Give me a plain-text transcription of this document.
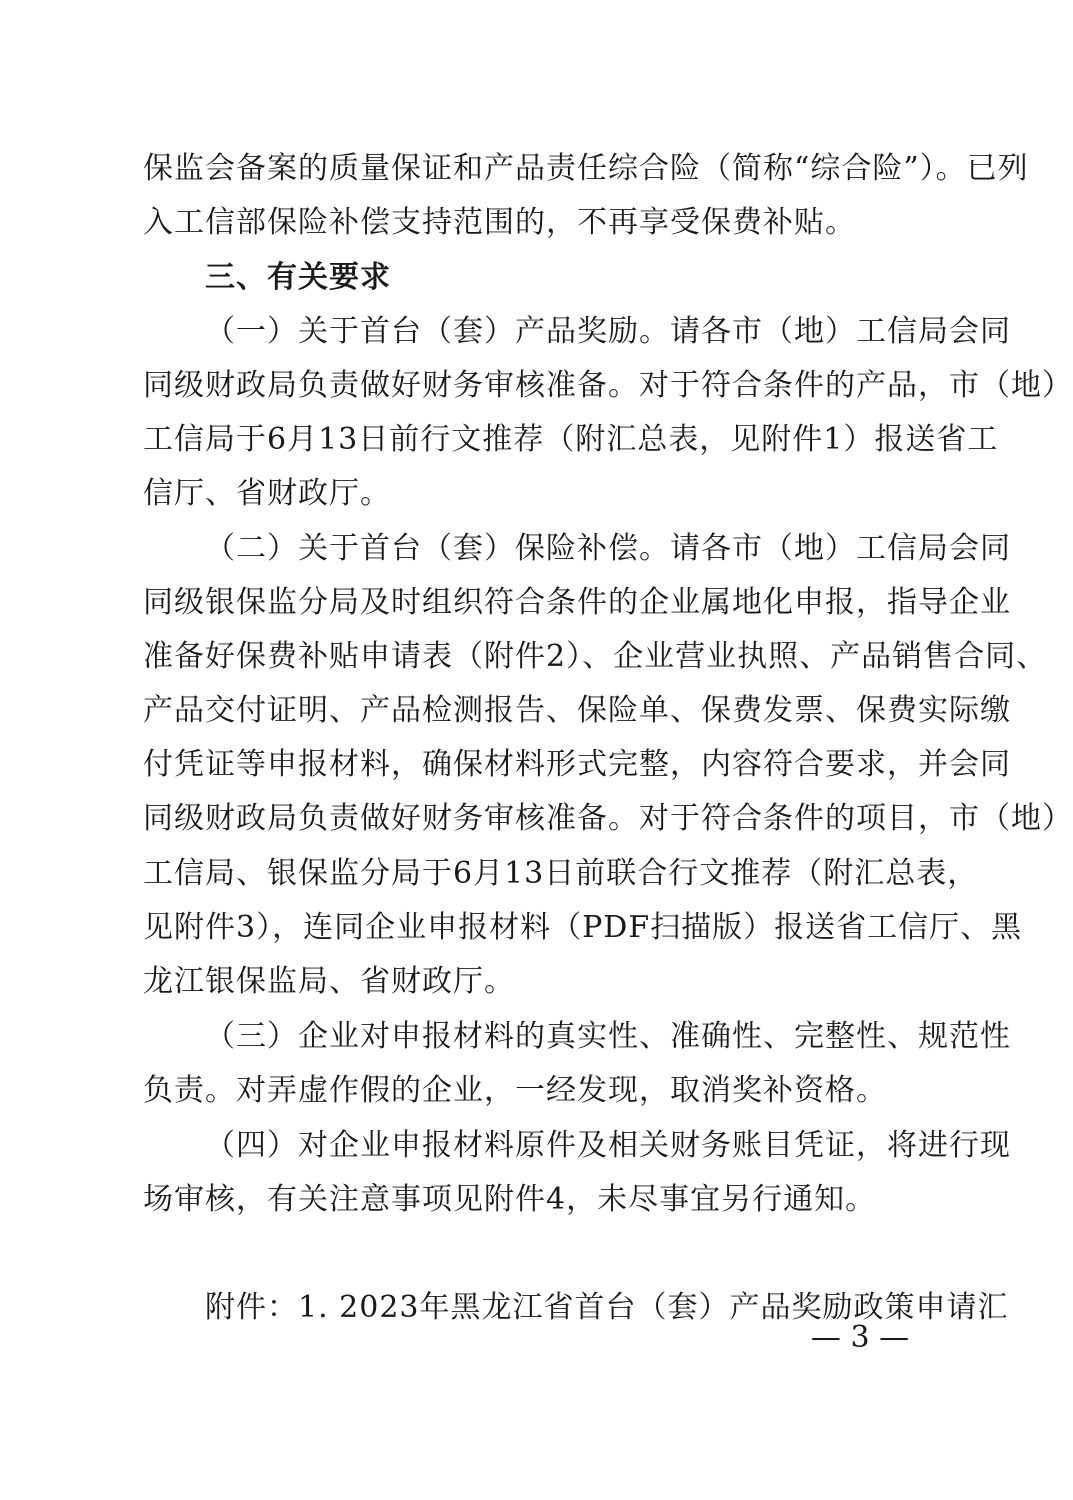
保监会备案的质量保证和产品责任综合险（简称“综合险”）。已列
入工信部保险补偿支持范围的，不再享受保费补贴。
三、有关要求
（一）关于首台（套）产品奖励。请各市（地）工信局会同
同级财政局负责做好财务审核准备。对于符合条件的产品，市（地）
工信局于6月13日前行文推荐（附汇总表，见附件1）报送省工
信厅、省财政厅。
（二）关于首台（套）保险补偿。请各市（地）工信局会同
同级银保监分局及时组织符合条件的企业属地化申报，指导企业
准备好保费补贴申请表（附件2）、企业营业执照、产品销售合同、
产品交付证明、产品检测报告、保险单、保费发票、保费实际缴
付凭证等申报材料，确保材料形式完整，内容符合要求，并会同
同级财政局负责做好财务审核准备。对于符合条件的项目，市（地）
工信局、银保监分局于6月13日前联合行文推荐（附汇总表，
见附件3），连同企业申报材料（PDF扫描版）报送省工信厅、黑
龙江银保监局、省财政厅。
（三）企业对申报材料的真实性、准确性、完整性、规范性
负责。对弄虚作假的企业，一经发现，取消奖补资格。
（四）对企业申报材料原件及相关财务账目凭证，将进行现
场审核，有关注意事项见附件4，未尽事宜另行通知。
附件：1. 2023年黑龙江省首台（套）产品奖励政策申请汇
— 3 —
